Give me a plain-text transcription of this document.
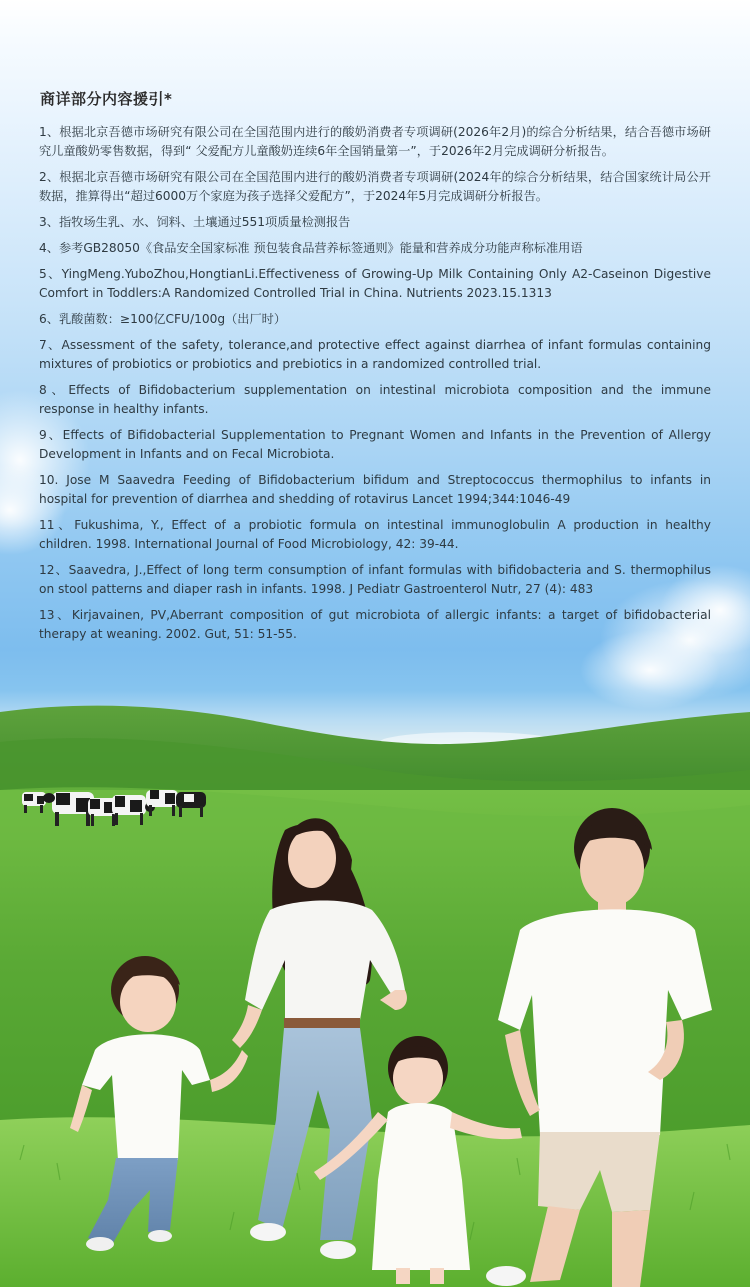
商详部分内容援引*

1、根据北京吾德市场研究有限公司在全国范围内进行的酸奶消费者专项调研(2026年2月)的综合分析结果，结合吾德市场研究儿童酸奶零售数据，得到“ 父爱配方儿童酸奶连续6年全国销量第一”，于2026年2月完成调研分析报告。

2、根据北京吾德市场研究有限公司在全国范围内进行的酸奶消费者专项调研(2024年的综合分析结果，结合国家统计局公开数据，推算得出“超过6000万个家庭为孩子选择父爱配方”，于2024年5月完成调研分析报告。

3、指牧场生乳、水、饲料、土壤通过551项质量检测报告

4、参考GB28050《食品安全国家标准 预包装食品营养标签通则》能量和营养成分功能声称标准用语

5、YingMeng.YuboZhou,HongtianLi.Effectiveness of Growing-Up Milk Containing Only A2-Caseinon Digestive Comfort in Toddlers:A Randomized Controlled Trial in China. Nutrients 2023.15.1313

6、乳酸菌数：≥100亿CFU/100g（出厂时）

7、Assessment of the safety, tolerance,and protective effect against diarrhea of infant formulas containing mixtures of probiotics or probiotics and prebiotics in a randomized controlled trial.

8、Effects of Bifidobacterium supplementation on intestinal microbiota composition and the immune response in healthy infants.

9、Effects of Bifidobacterial Supplementation to Pregnant Women and Infants in the Prevention of Allergy Development in Infants and on Fecal Microbiota.

10. Jose M Saavedra Feeding of Bifidobacterium bifidum and Streptococcus thermophilus to infants in hospital for prevention of diarrhea and shedding of rotavirus Lancet 1994;344:1046-49

11、Fukushima, Y., Effect of a probiotic formula on intestinal immunoglobulin A production in healthy children. 1998. International Journal of Food Microbiology, 42: 39-44.

12、Saavedra, J.,Effect of long term consumption of infant formulas with bifidobacteria and S. thermophilus on stool patterns and diaper rash in infants. 1998. J Pediatr Gastroenterol Nutr, 27 (4): 483

13、Kirjavainen, PV,Aberrant composition of gut microbiota of allergic infants: a target of bifidobacterial therapy at weaning. 2002. Gut, 51: 51-55.
